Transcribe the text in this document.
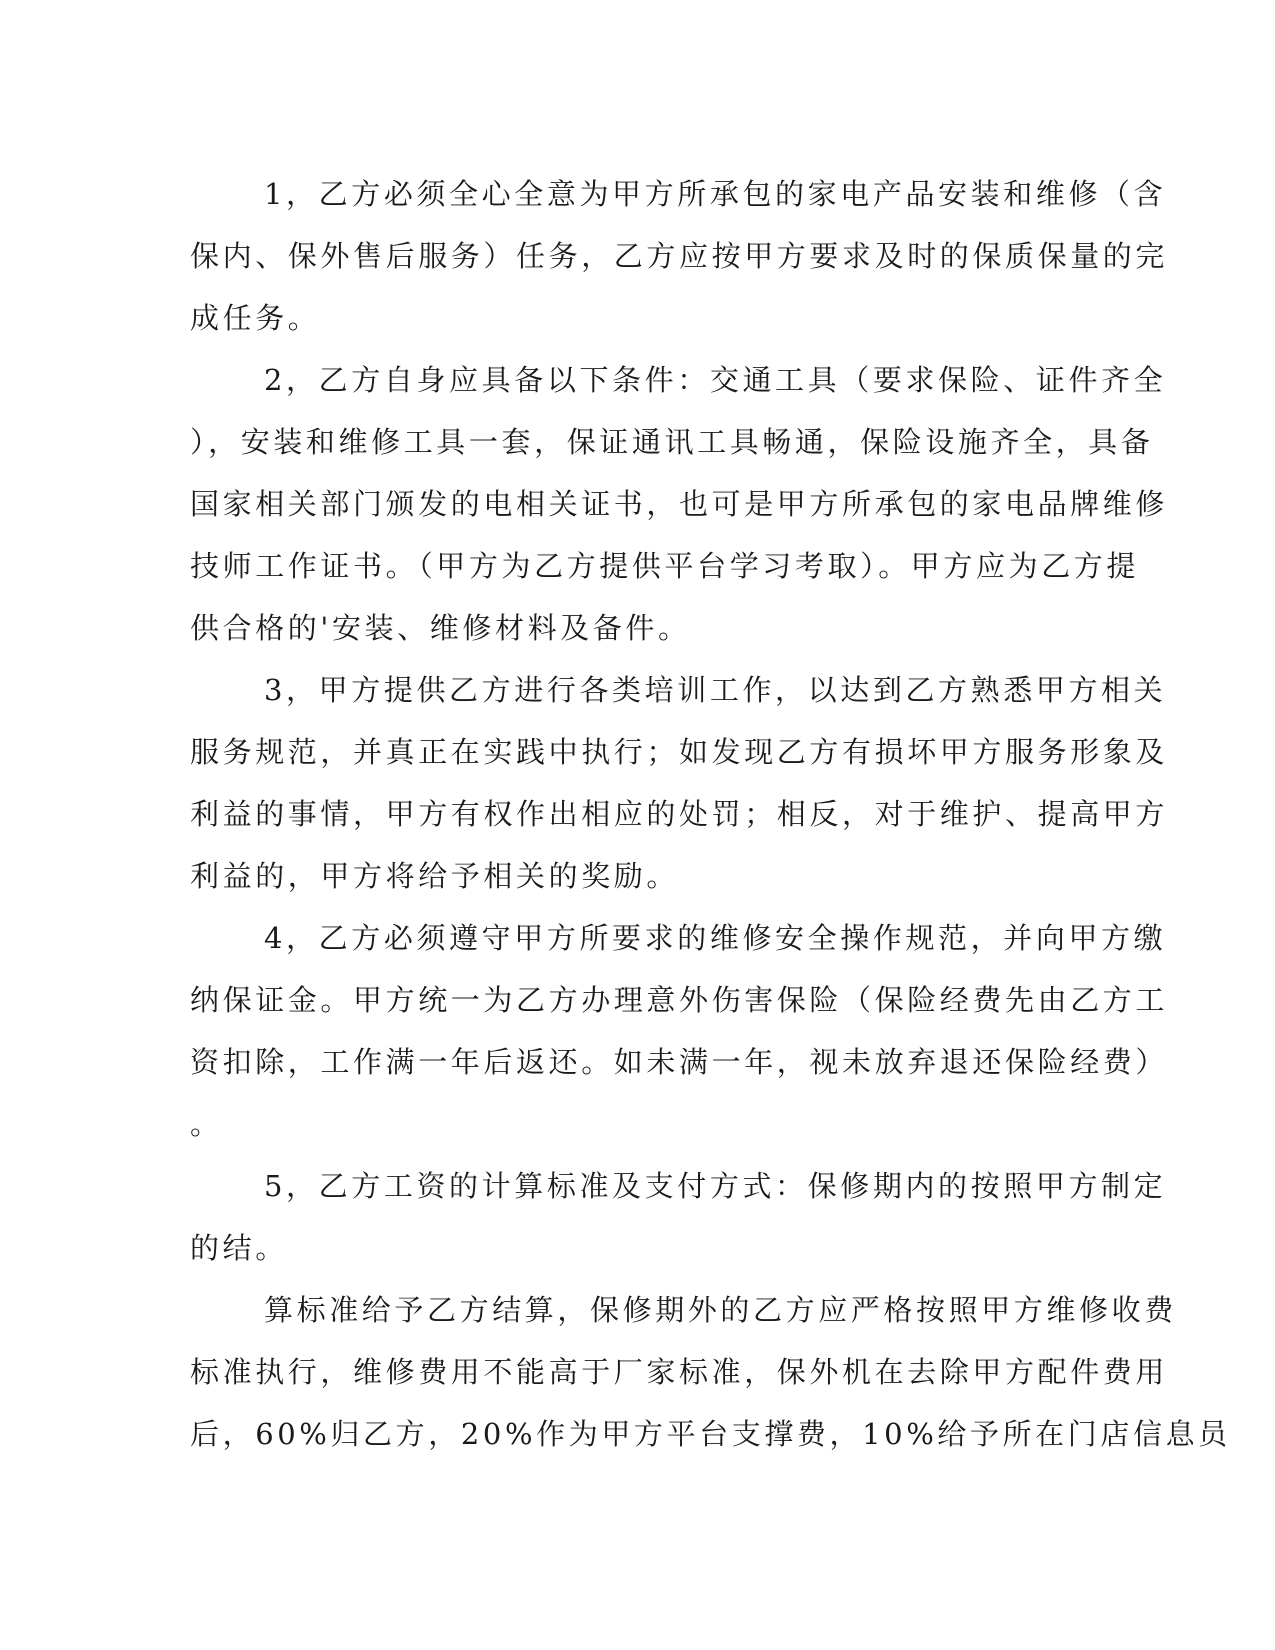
1，乙方必须全心全意为甲方所承包的家电产品安装和维修（含
保内、保外售后服务）任务，乙方应按甲方要求及时的保质保量的完
成任务。
2，乙方自身应具备以下条件：交通工具（要求保险、证件齐全
），安装和维修工具一套，保证通讯工具畅通，保险设施齐全，具备
国家相关部门颁发的电相关证书，也可是甲方所承包的家电品牌维修
技师工作证书。（甲方为乙方提供平台学习考取）。甲方应为乙方提
供合格的'安装、维修材料及备件。
3，甲方提供乙方进行各类培训工作，以达到乙方熟悉甲方相关
服务规范，并真正在实践中执行；如发现乙方有损坏甲方服务形象及
利益的事情，甲方有权作出相应的处罚；相反，对于维护、提高甲方
利益的，甲方将给予相关的奖励。
4，乙方必须遵守甲方所要求的维修安全操作规范，并向甲方缴
纳保证金。甲方统一为乙方办理意外伤害保险（保险经费先由乙方工
资扣除，工作满一年后返还。如未满一年，视未放弃退还保险经费）
。
5，乙方工资的计算标准及支付方式：保修期内的按照甲方制定
的结。
算标准给予乙方结算，保修期外的乙方应严格按照甲方维修收费
标准执行，维修费用不能高于厂家标准，保外机在去除甲方配件费用
后，60%归乙方，20%作为甲方平台支撑费，10%给予所在门店信息员
